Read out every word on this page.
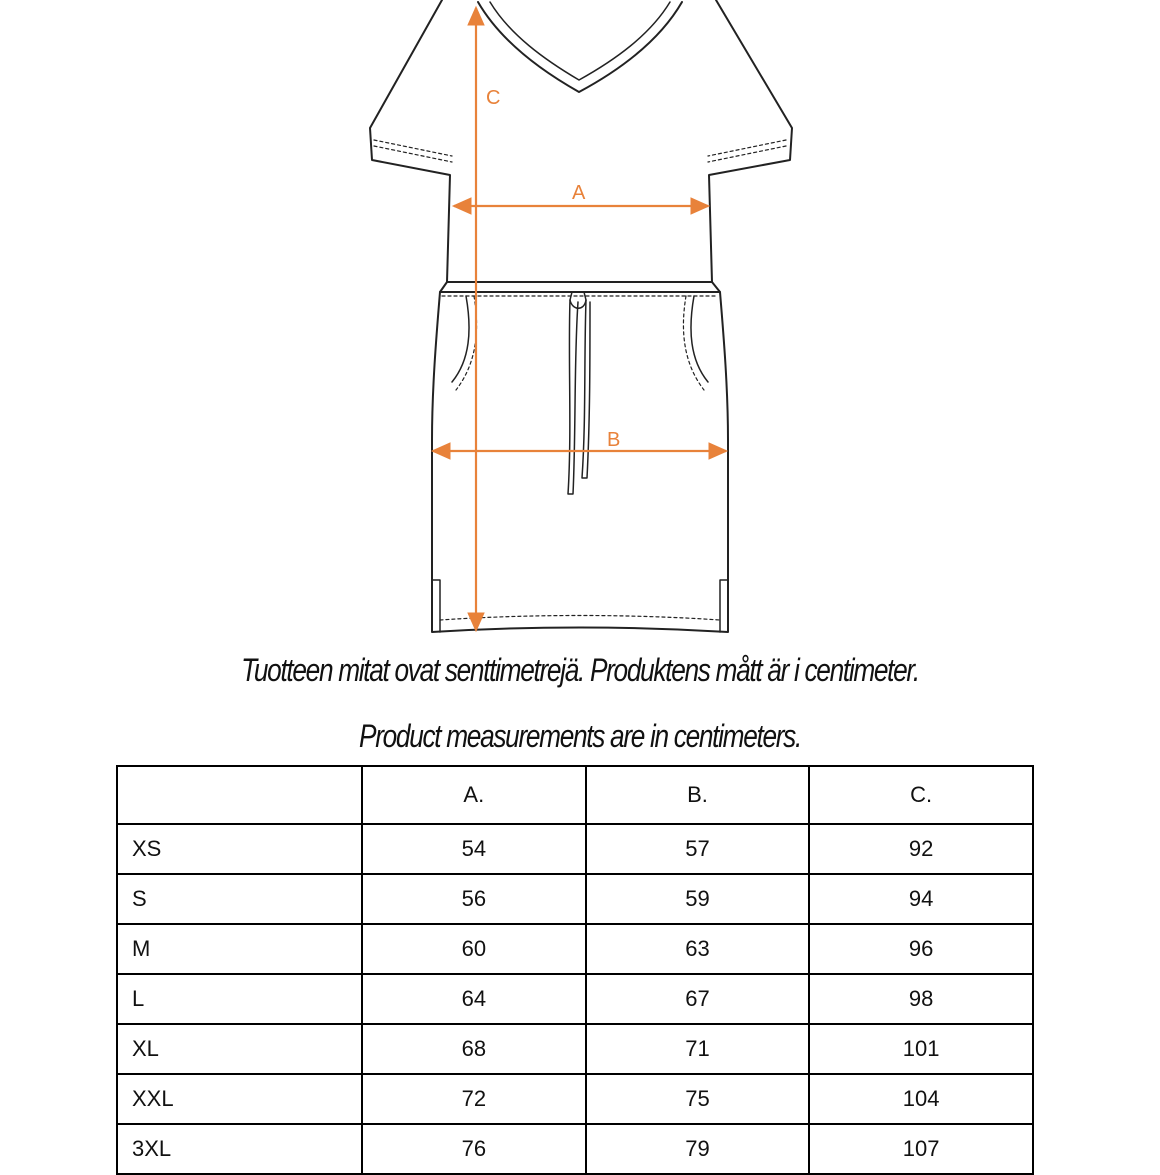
C
A
B
Tuotteen mitat ovat senttimetrejä. Produktens mått är i centimeter.
Product measurements are in centimeters.
	A.	B.	C.
XS	54	57	92
S	56	59	94
M	60	63	96
L	64	67	98
XL	68	71	101
XXL	72	75	104
3XL	76	79	107
